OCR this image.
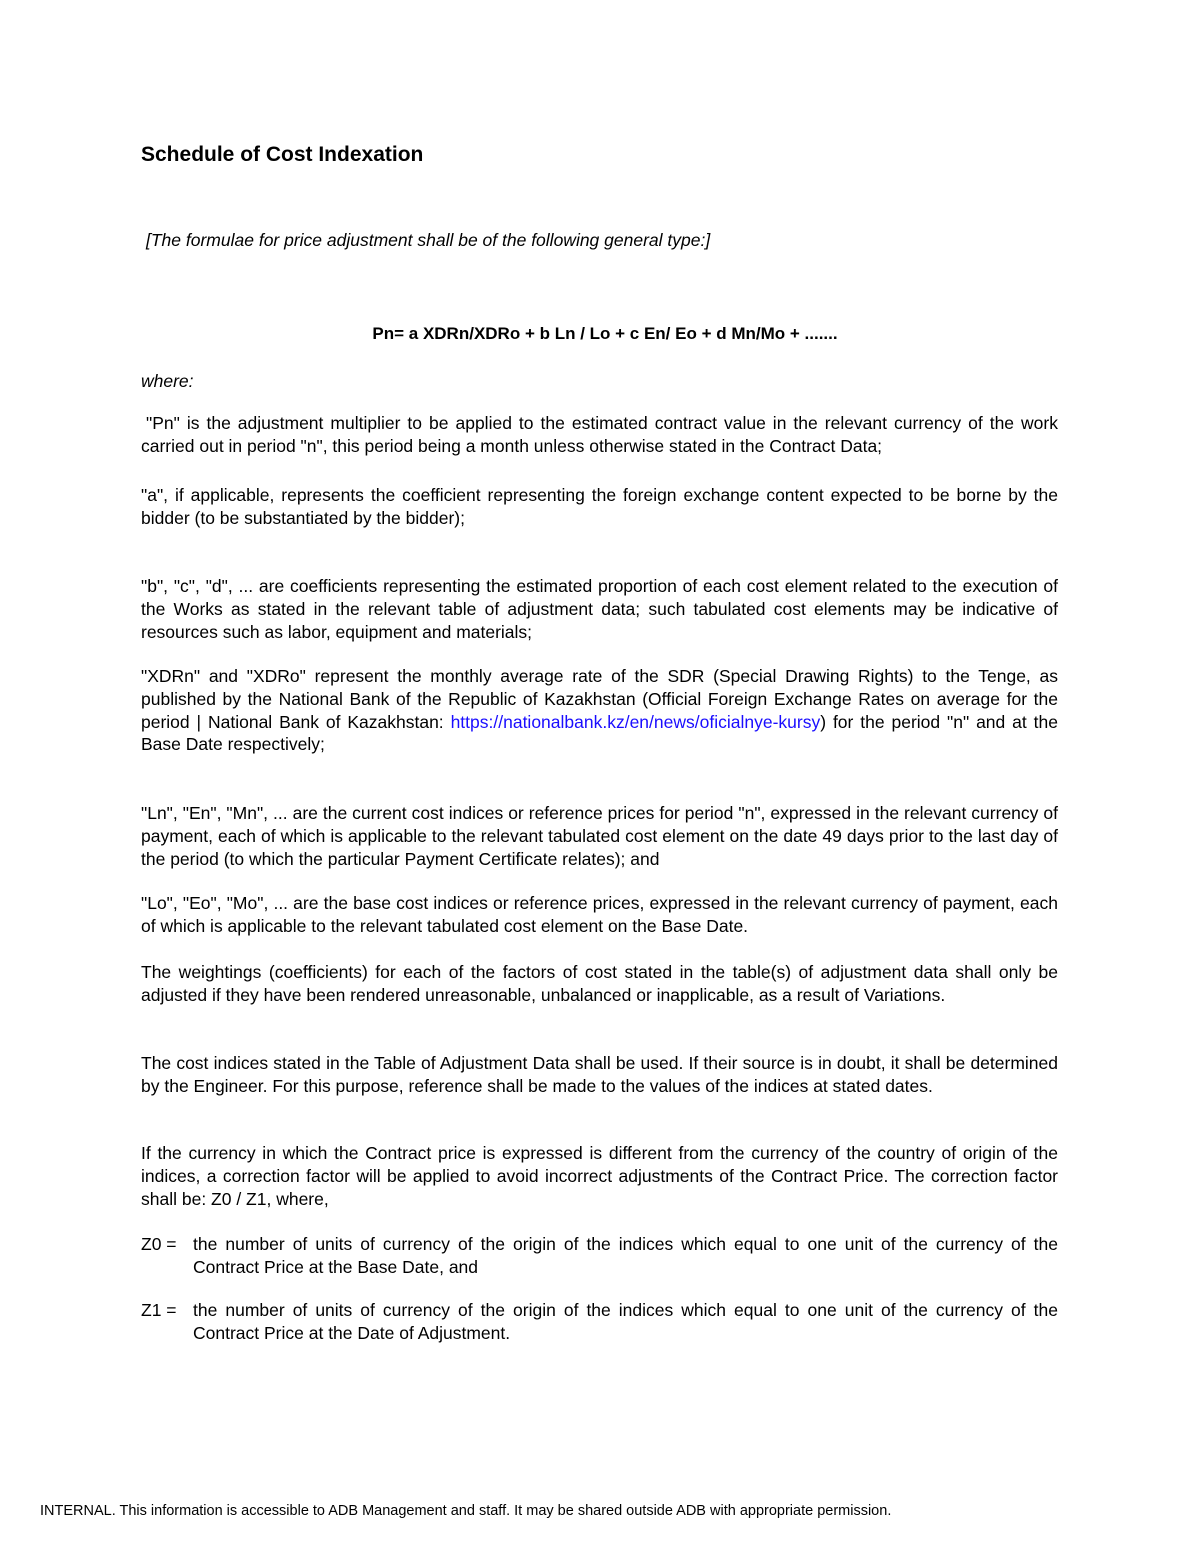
Schedule of Cost Indexation
[The formulae for price adjustment shall be of the following general type:]
Pn= a XDRn/XDRo + b Ln / Lo + c En/ Eo + d Mn/Mo + .......
where:

"Pn" is the adjustment multiplier to be applied to the estimated contract value in the relevant currency of the work carried out in period "n", this period being a month unless otherwise stated in the Contract Data;

"a", if applicable, represents the coefficient representing the foreign exchange content expected to be borne by the bidder (to be substantiated by the bidder);

"b", "c", "d", ... are coefficients representing the estimated proportion of each cost element related to the execution of the Works as stated in the relevant table of adjustment data; such tabulated cost elements may be indicative of resources such as labor, equipment and materials;

"XDRn" and "XDRo" represent the monthly average rate of the SDR (Special Drawing Rights) to the Tenge, as published by the National Bank of the Republic of Kazakhstan (Official Foreign Exchange Rates on average for the period | National Bank of Kazakhstan: https://nationalbank.kz/en/news/oficialnye-kursy) for the period "n" and at the Base Date respectively;

"Ln", "En", "Mn", ... are the current cost indices or reference prices for period "n", expressed in the relevant currency of payment, each of which is applicable to the relevant tabulated cost element on the date 49 days prior to the last day of the period (to which the particular Payment Certificate relates); and

"Lo", "Eo", "Mo", ... are the base cost indices or reference prices, expressed in the relevant currency of payment, each of which is applicable to the relevant tabulated cost element on the Base Date.

The weightings (coefficients) for each of the factors of cost stated in the table(s) of adjustment data shall only be adjusted if they have been rendered unreasonable, unbalanced or inapplicable, as a result of Variations.

The cost indices stated in the Table of Adjustment Data shall be used. If their source is in doubt, it shall be determined by the Engineer. For this purpose, reference shall be made to the values of the indices at stated dates.

If the currency in which the Contract price is expressed is different from the currency of the country of origin of the indices, a correction factor will be applied to avoid incorrect adjustments of the Contract Price. The correction factor shall be: Z0 / Z1, where,

Z0 = the number of units of currency of the origin of the indices which equal to one unit of the currency of the Contract Price at the Base Date, and
Z1 = the number of units of currency of the origin of the indices which equal to one unit of the currency of the Contract Price at the Date of Adjustment.
INTERNAL. This information is accessible to ADB Management and staff. It may be shared outside ADB with appropriate permission.
